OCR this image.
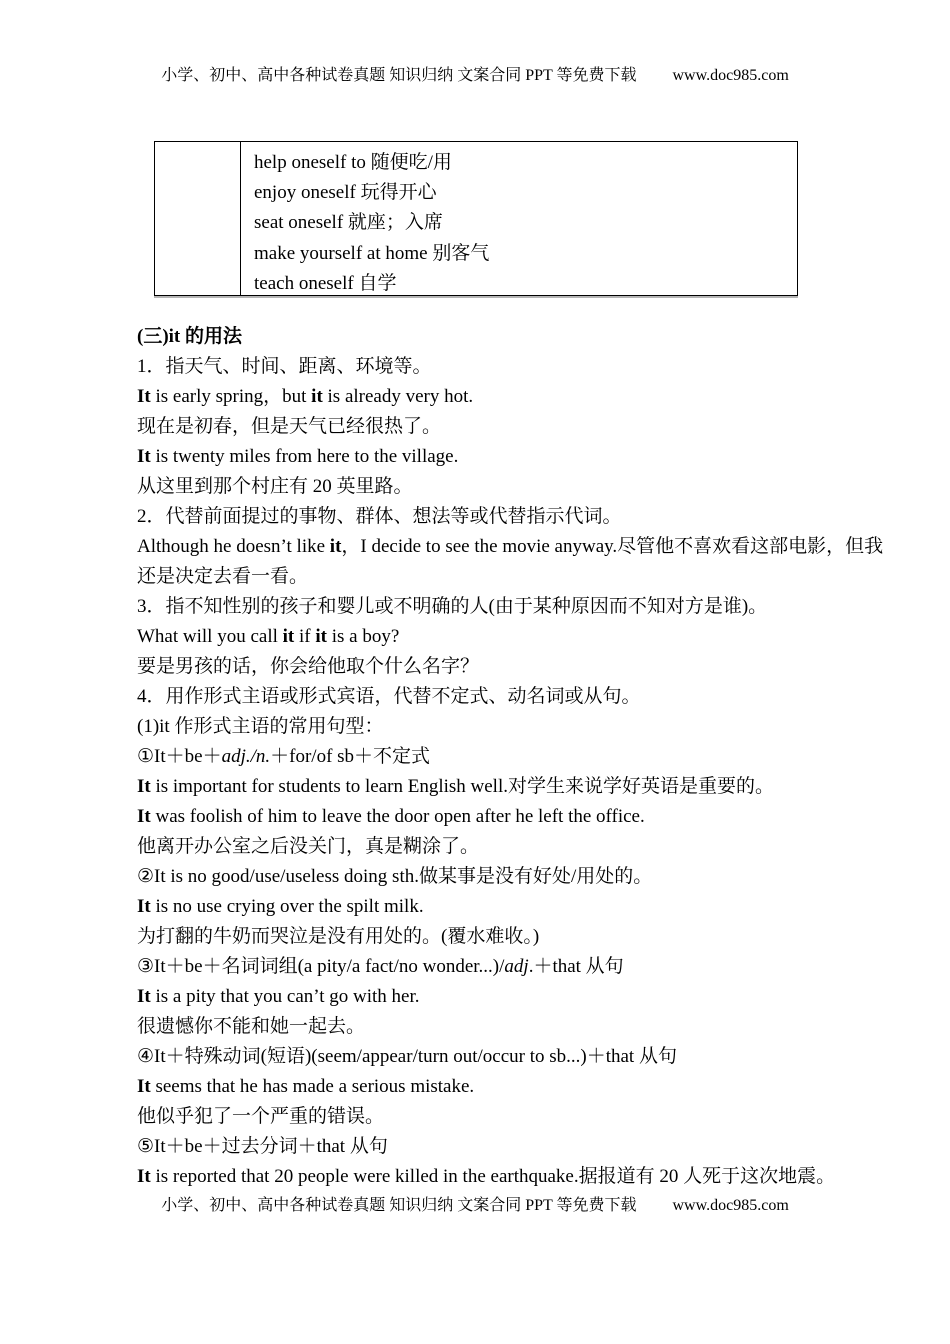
小学、初中、高中各种试卷真题 知识归纳 文案合同 PPT 等免费下载 www.doc985.com
help oneself to 随便吃/用
enjoy oneself 玩得开心
seat oneself 就座；入席
make yourself at home 别客气
teach oneself 自学
(三)it 的用法
1．指天气、时间、距离、环境等。
It is early spring，but it is already very hot.
现在是初春，但是天气已经很热了。
It is twenty miles from here to the village.
从这里到那个村庄有 20 英里路。
2．代替前面提过的事物、群体、想法等或代替指示代词。
Although he doesn’t like it，I decide to see the movie anyway.尽管他不喜欢看这部电影，但我
还是决定去看一看。
3．指不知性别的孩子和婴儿或不明确的人(由于某种原因而不知对方是谁)。
What will you call it if it is a boy?
要是男孩的话，你会给他取个什么名字？
4．用作形式主语或形式宾语，代替不定式、动名词或从句。
(1)it 作形式主语的常用句型：
①It＋be＋adj./n.＋for/of sb＋不定式
It is important for students to learn English well.对学生来说学好英语是重要的。
It was foolish of him to leave the door open after he left the office.
他离开办公室之后没关门，真是糊涂了。
②It is no good/use/useless doing sth.做某事是没有好处/用处的。
It is no use crying over the spilt milk.
为打翻的牛奶而哭泣是没有用处的。(覆水难收。)
③It＋be＋名词词组(a pity/a fact/no wonder...)/adj.＋that 从句
It is a pity that you can’t go with her.
很遗憾你不能和她一起去。
④It＋特殊动词(短语)(seem/appear/turn out/occur to sb...)＋that 从句
It seems that he has made a serious mistake.
他似乎犯了一个严重的错误。
⑤It＋be＋过去分词＋that 从句
It is reported that 20 people were killed in the earthquake.据报道有 20 人死于这次地震。
小学、初中、高中各种试卷真题 知识归纳 文案合同 PPT 等免费下载 www.doc985.com
